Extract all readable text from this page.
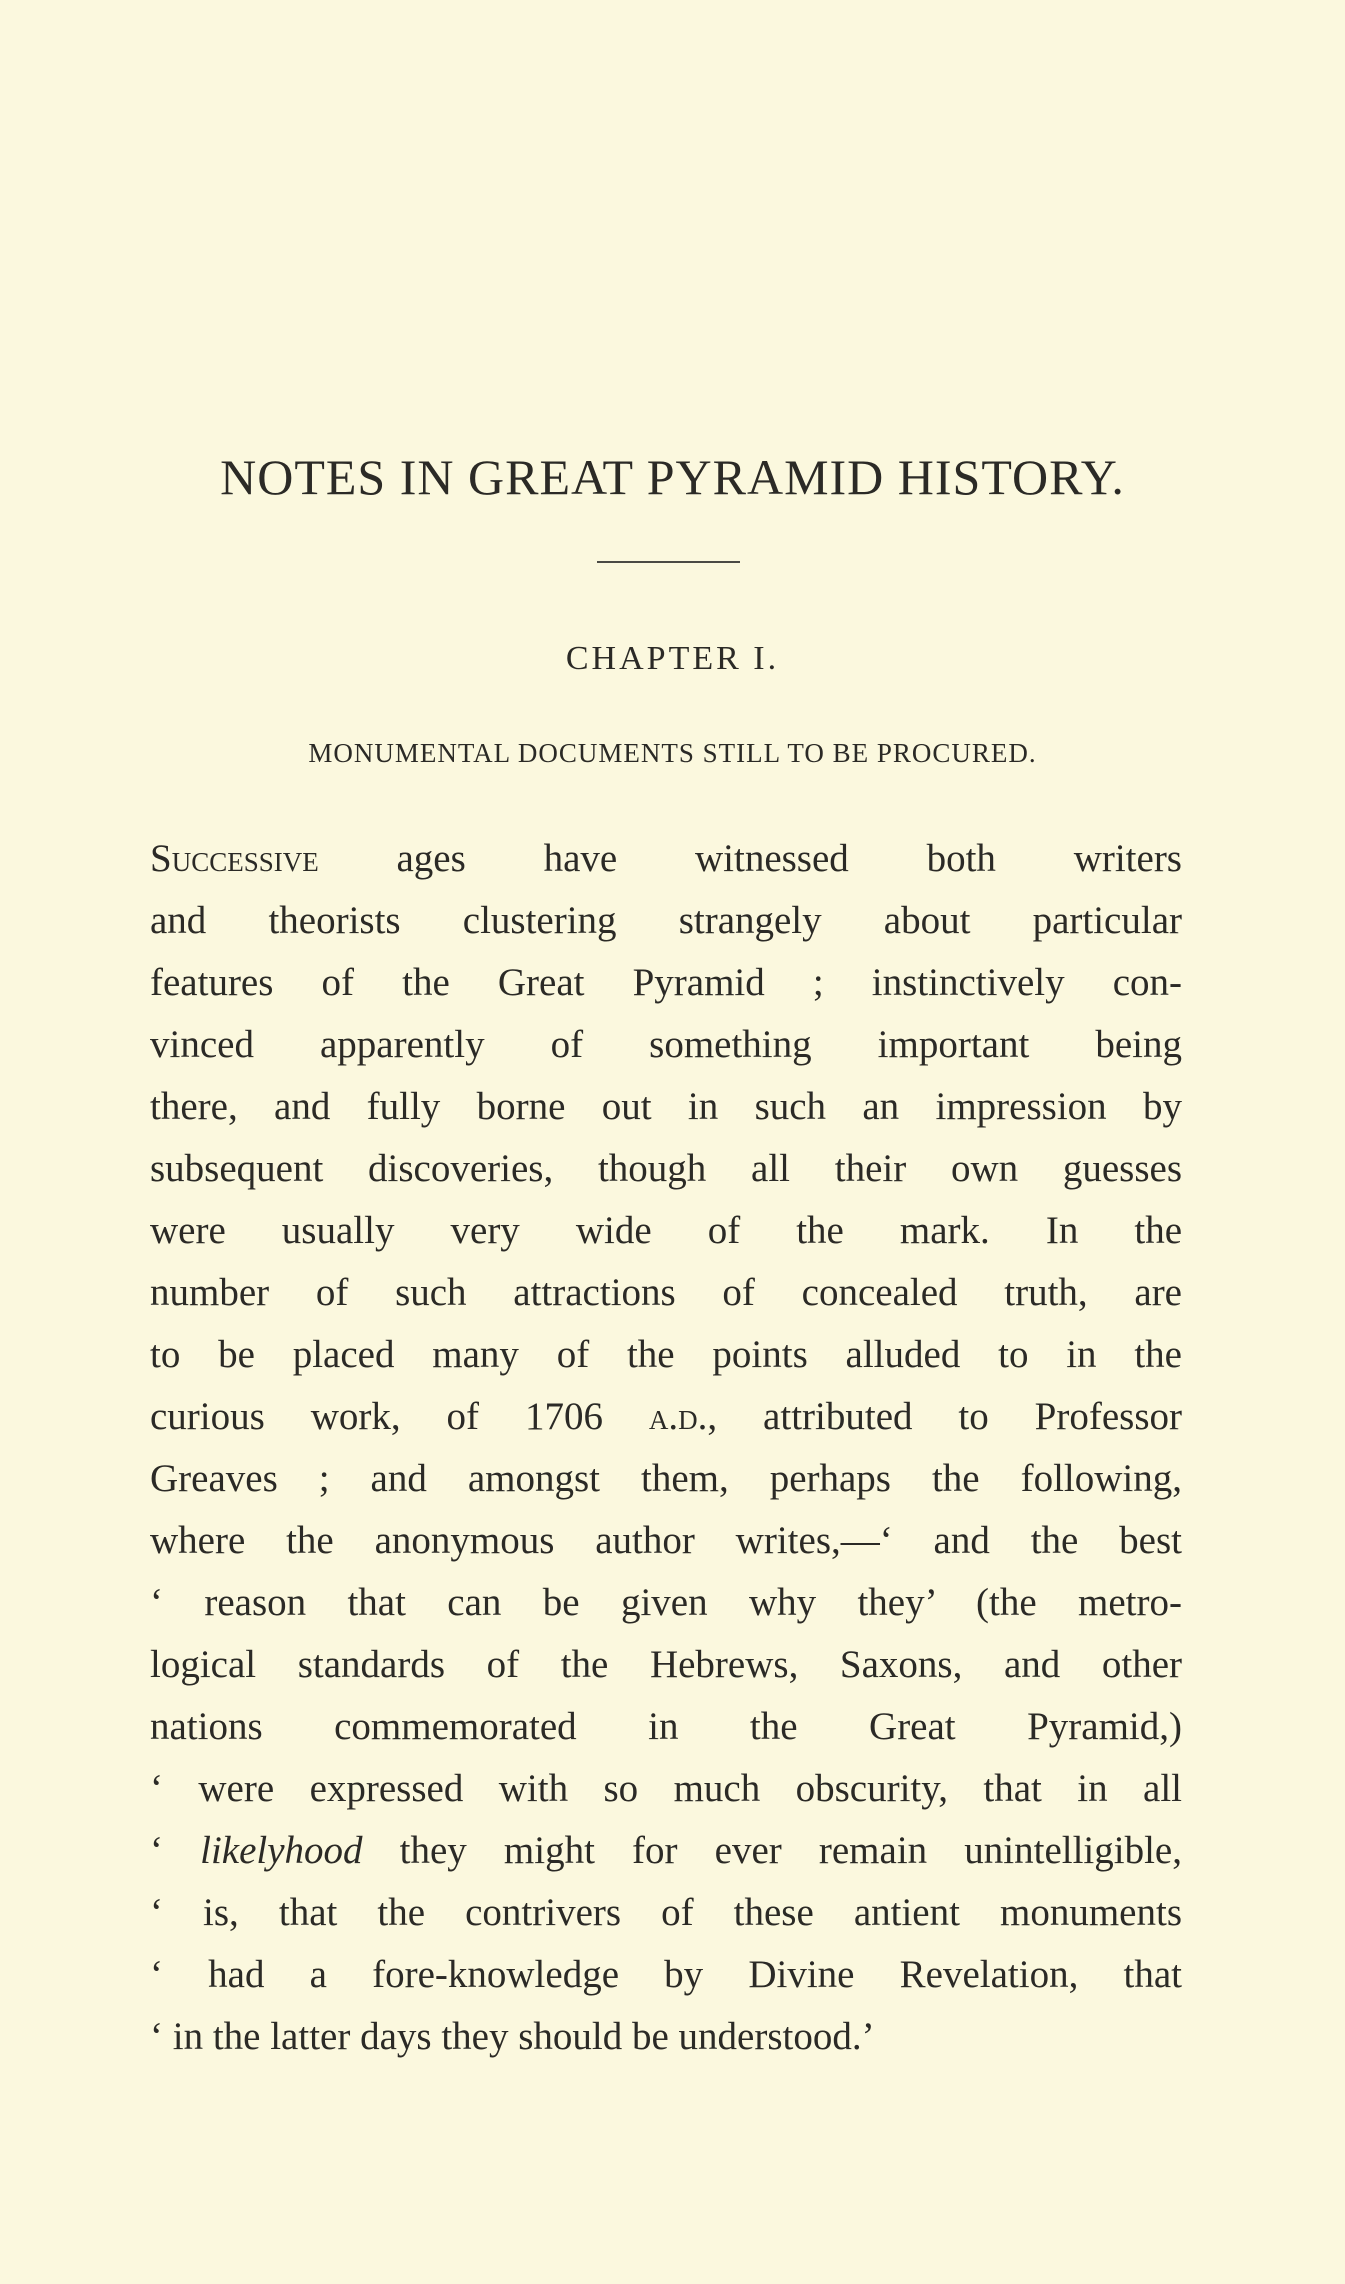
NOTES IN GREAT PYRAMID HISTORY.
CHAPTER I.
MONUMENTAL DOCUMENTS STILL TO BE PROCURED.
Successive ages have witnessed both writers
and theorists clustering strangely about particular
features of the Great Pyramid ; instinctively con-
vinced apparently of something important being
there, and fully borne out in such an impression by
subsequent discoveries, though all their own guesses
were usually very wide of the mark. In the
number of such attractions of concealed truth, are
to be placed many of the points alluded to in the
curious work, of 1706 a.d., attributed to Professor
Greaves ; and amongst them, perhaps the following,
where the anonymous author writes,—‘ and the best
‘ reason that can be given why they’ (the metro-
logical standards of the Hebrews, Saxons, and other
nations commemorated in the Great Pyramid,)
‘ were expressed with so much obscurity, that in all
‘ likelyhood they might for ever remain unintelligible,
‘ is, that the contrivers of these antient monuments
‘ had a fore-knowledge by Divine Revelation, that
‘ in the latter days they should be understood.’
